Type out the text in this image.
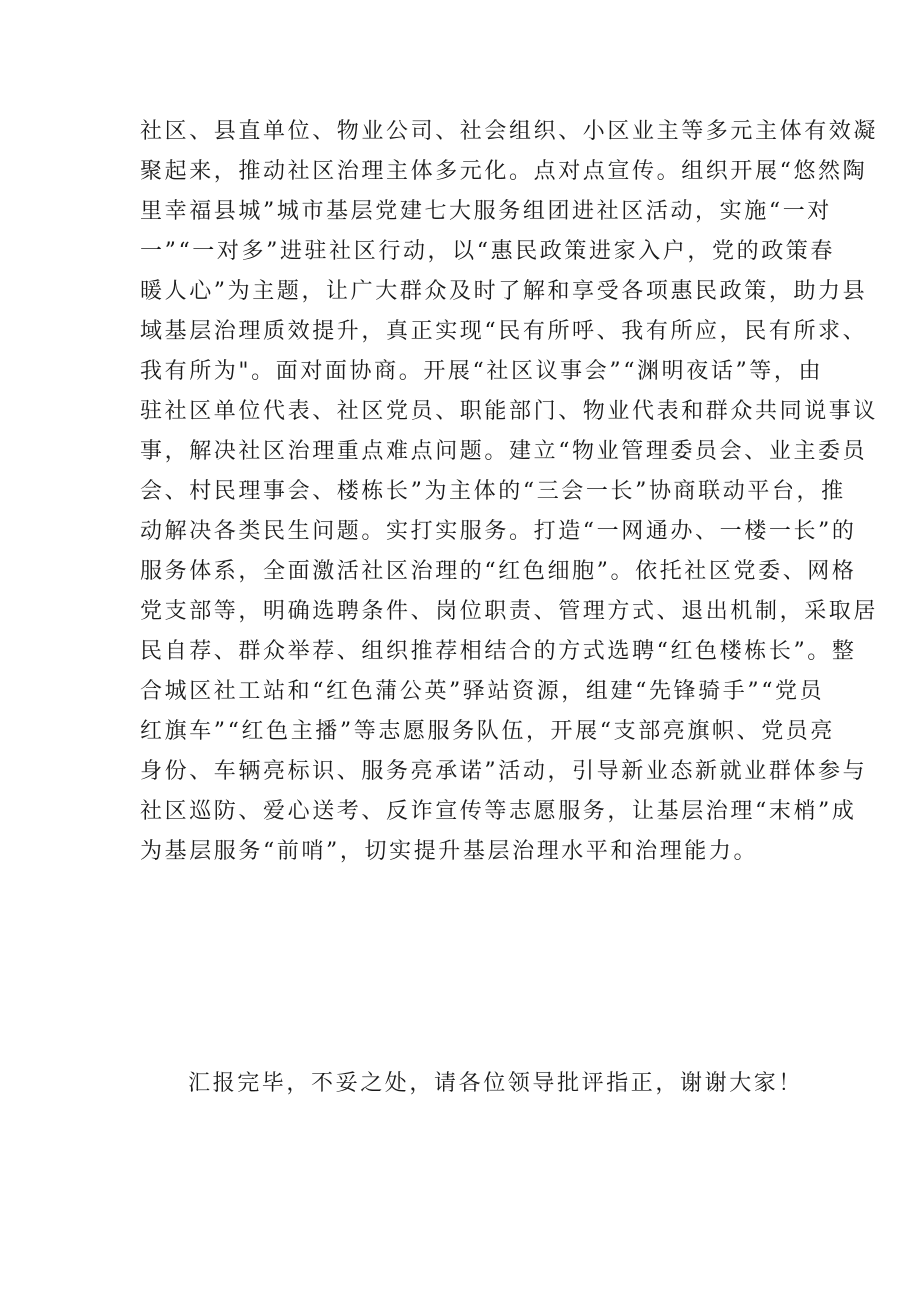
社区、县直单位、物业公司、社会组织、小区业主等多元主体有效凝
聚起来，推动社区治理主体多元化。点对点宣传。组织开展“悠然陶
里幸福县城”城市基层党建七大服务组团进社区活动，实施“一对
一”“一对多”进驻社区行动，以“惠民政策进家入户，党的政策春
暖人心”为主题，让广大群众及时了解和享受各项惠民政策，助力县
域基层治理质效提升，真正实现“民有所呼、我有所应，民有所求、
我有所为"。面对面协商。开展“社区议事会”“渊明夜话”等，由
驻社区单位代表、社区党员、职能部门、物业代表和群众共同说事议
事，解决社区治理重点难点问题。建立“物业管理委员会、业主委员
会、村民理事会、楼栋长”为主体的“三会一长”协商联动平台，推
动解决各类民生问题。实打实服务。打造“一网通办、一楼一长”的
服务体系，全面激活社区治理的“红色细胞”。依托社区党委、网格
党支部等，明确选聘条件、岗位职责、管理方式、退出机制，采取居
民自荐、群众举荐、组织推荐相结合的方式选聘“红色楼栋长”。整
合城区社工站和“红色蒲公英”驿站资源，组建“先锋骑手”“党员
红旗车”“红色主播”等志愿服务队伍，开展“支部亮旗帜、党员亮
身份、车辆亮标识、服务亮承诺”活动，引导新业态新就业群体参与
社区巡防、爱心送考、反诈宣传等志愿服务，让基层治理“末梢”成
为基层服务“前哨”，切实提升基层治理水平和治理能力。
汇报完毕，不妥之处，请各位领导批评指正，谢谢大家！
